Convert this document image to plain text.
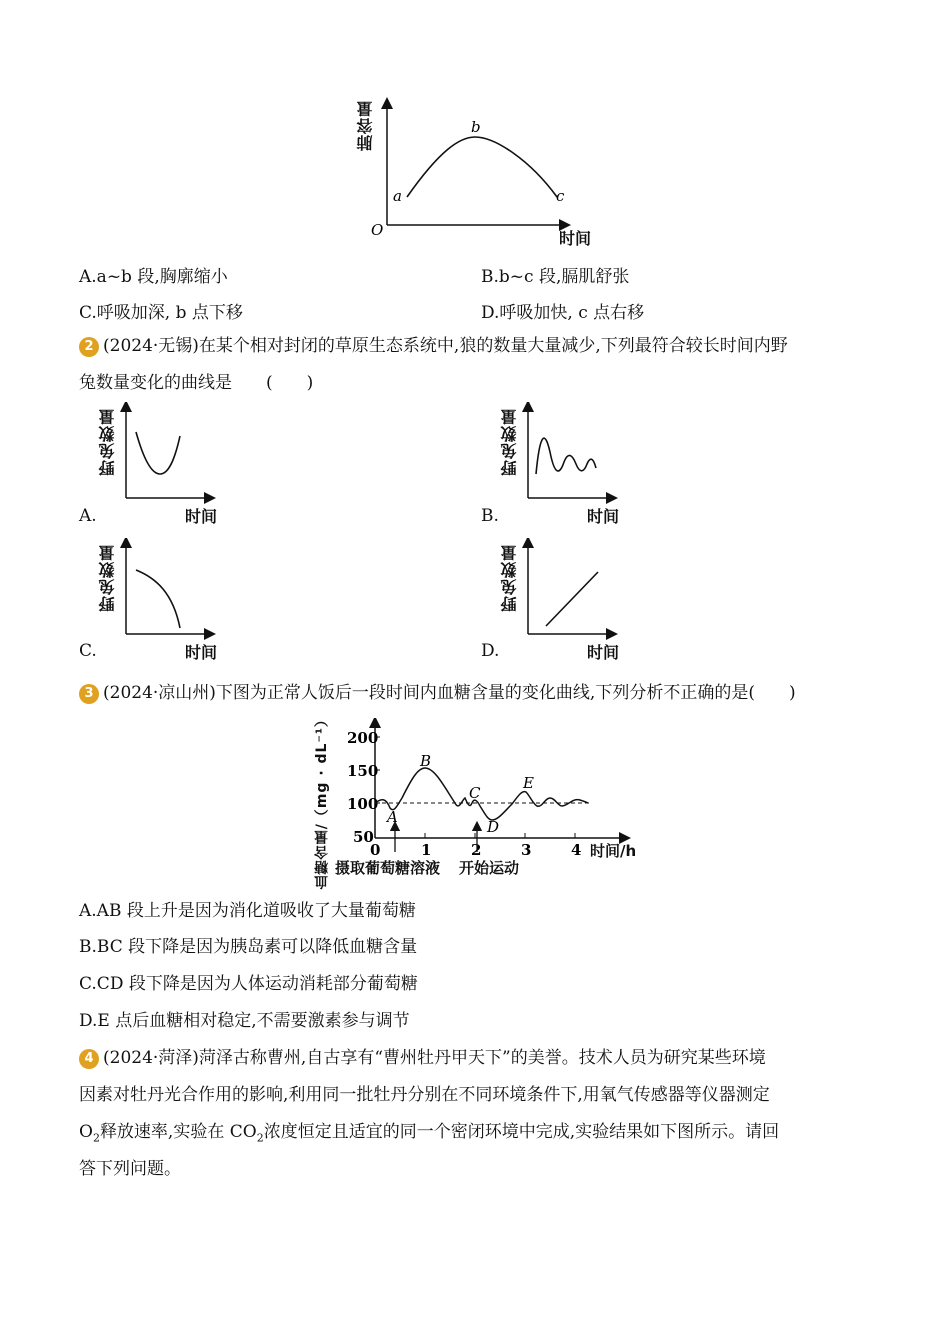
a
b
c
O
肺容量
时间
A.a~b 段,胸廓缩小	B.b~c 段,膈肌舒张
C.呼吸加深, b 点下移	D.呼吸加快, c 点右移
2 (2024·无锡)在某个相对封闭的草原生态系统中,狼的数量大量减少,下列最符合较长时间内野
兔数量变化的曲线是　　(　　)
野兔数量
时间
A.
野兔数量
时间
B.
野兔数量
时间
C.
野兔数量
时间
D.
3 (2024·凉山州)下图为正常人饭后一段时间内血糖含量的变化曲线,下列分析不正确的是(　　)
血糖含量/（mg · dL⁻¹） 200
150
100
50
0	1	2	3	4
A
B
C
D
E
时间/h
摄取葡萄糖溶液 开始运动
A.AB 段上升是因为消化道吸收了大量葡萄糖
B.BC 段下降是因为胰岛素可以降低血糖含量
C.CD 段下降是因为人体运动消耗部分葡萄糖
D.E 点后血糖相对稳定,不需要激素参与调节
4 (2024·菏泽)菏泽古称曹州,自古享有“曹州牡丹甲天下”的美誉。技术人员为研究某些环境
因素对牡丹光合作用的影响,利用同一批牡丹分别在不同环境条件下,用氧气传感器等仪器测定
$O_2$释放速率,实验在 $CO_2$浓度恒定且适宜的同一个密闭环境中完成,实验结果如下图所示。请回
答下列问题。
